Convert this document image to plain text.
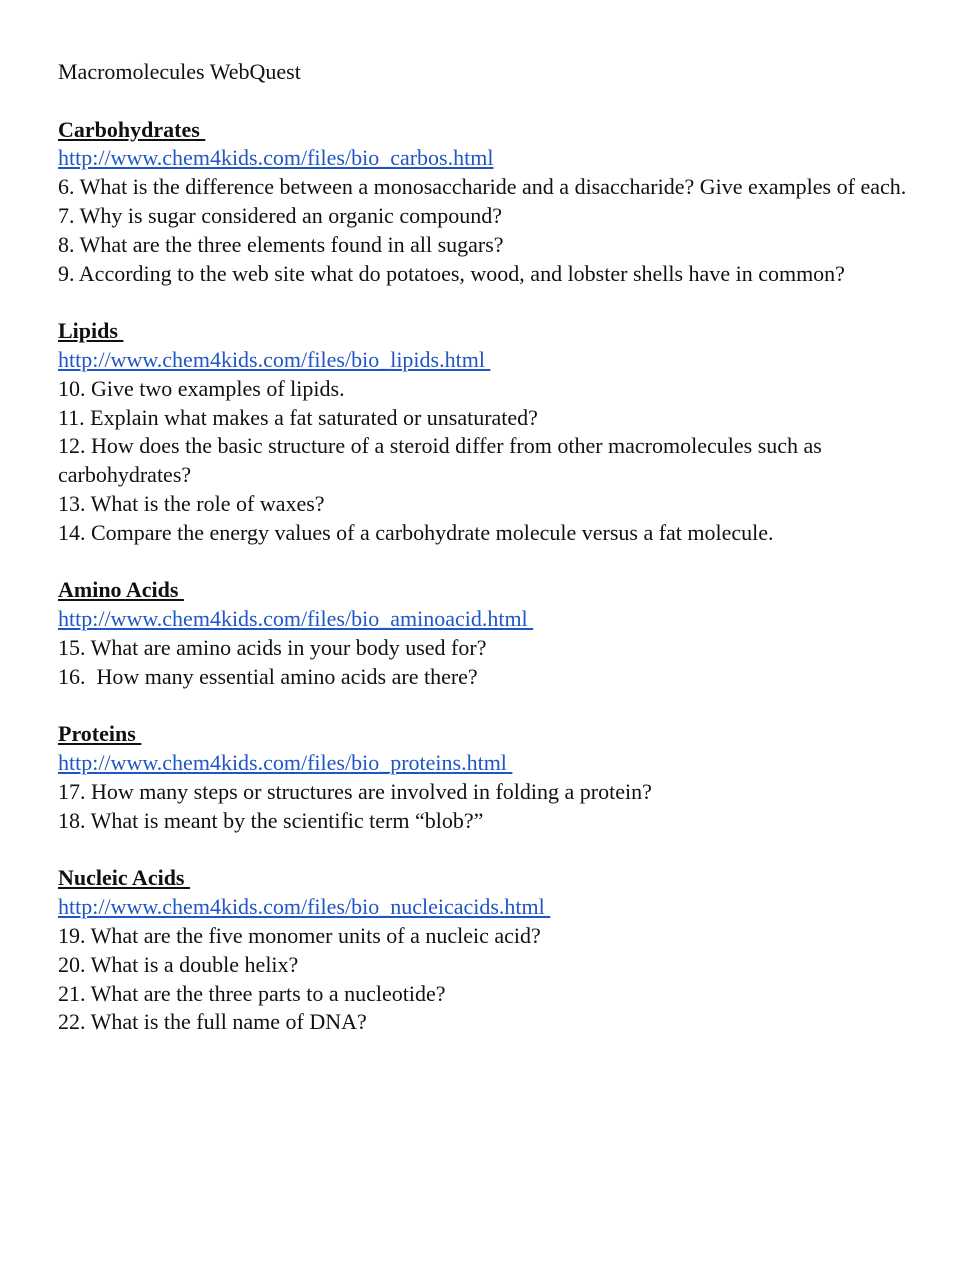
Macromolecules WebQuest
Carbohydrates
http://www.chem4kids.com/files/bio_carbos.html
6. What is the difference between a monosaccharide and a disaccharide? Give examples of each.
7. Why is sugar considered an organic compound?
8. What are the three elements found in all sugars?
9. According to the web site what do potatoes, wood, and lobster shells have in common?
Lipids
http://www.chem4kids.com/files/bio_lipids.html
10. Give two examples of lipids.
11. Explain what makes a fat saturated or unsaturated?
12. How does the basic structure of a steroid differ from other macromolecules such as carbohydrates?
13. What is the role of waxes?
14. Compare the energy values of a carbohydrate molecule versus a fat molecule.
Amino Acids
http://www.chem4kids.com/files/bio_aminoacid.html
15. What are amino acids in your body used for?
16.  How many essential amino acids are there?
Proteins
http://www.chem4kids.com/files/bio_proteins.html
17. How many steps or structures are involved in folding a protein?
18. What is meant by the scientific term “blob?”
Nucleic Acids
http://www.chem4kids.com/files/bio_nucleicacids.html
19. What are the five monomer units of a nucleic acid?
20. What is a double helix?
21. What are the three parts to a nucleotide?
22. What is the full name of DNA?
